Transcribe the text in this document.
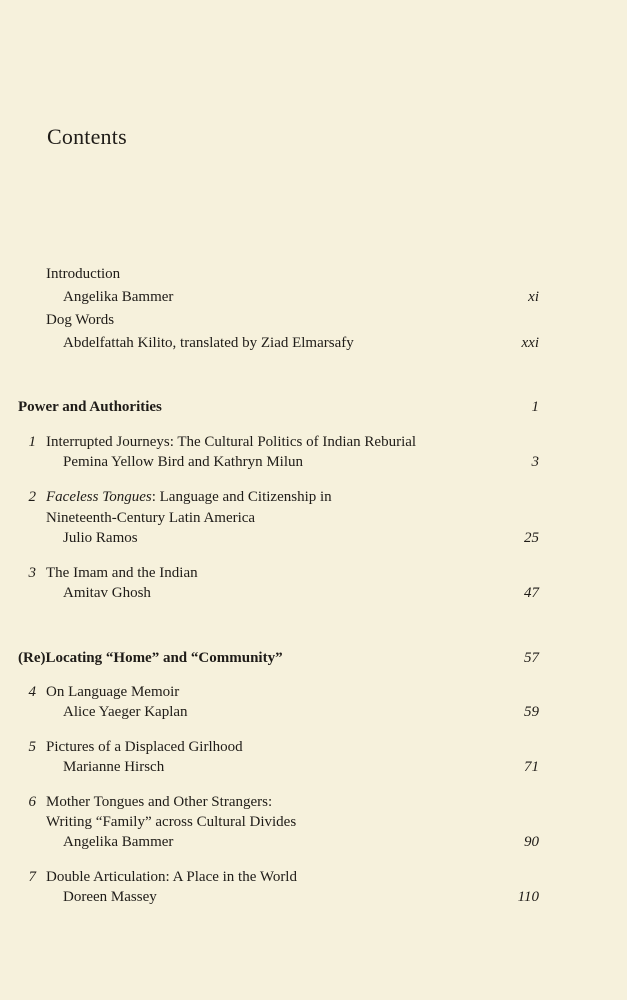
Contents
Introduction
Angelika Bammer	xi
Dog Words
Abdelfattah Kilito, translated by Ziad Elmarsafy	xxi
Power and Authorities	1
1 Interrupted Journeys: The Cultural Politics of Indian Reburial
Pemina Yellow Bird and Kathryn Milun	3
2 Faceless Tongues: Language and Citizenship in
Nineteenth-Century Latin America
Julio Ramos	25
3 The Imam and the Indian
Amitav Ghosh	47
(Re)Locating “Home” and “Community”	57
4 On Language Memoir
Alice Yaeger Kaplan	59
5 Pictures of a Displaced Girlhood
Marianne Hirsch	71
6 Mother Tongues and Other Strangers:
Writing “Family” across Cultural Divides
Angelika Bammer	90
7 Double Articulation: A Place in the World
Doreen Massey	110
